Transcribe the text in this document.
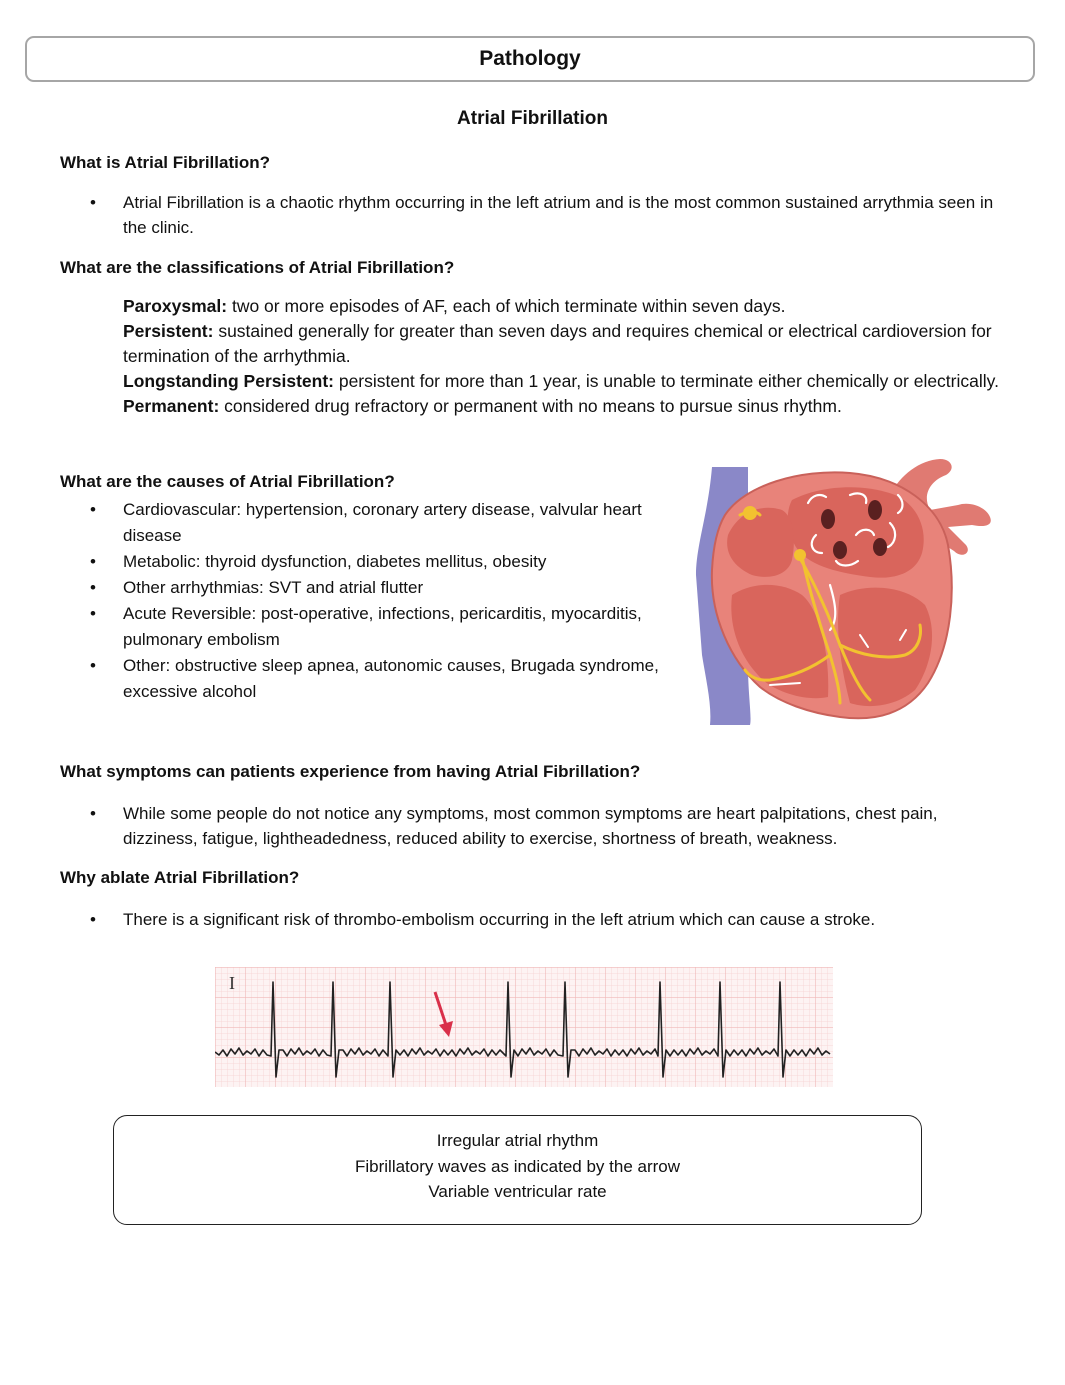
Pathology
Atrial Fibrillation
What is Atrial Fibrillation?
• Atrial Fibrillation is a chaotic rhythm occurring in the left atrium and is the most common sustained arrythmia seen in the clinic.
What are the classifications of Atrial Fibrillation?

Paroxysmal: two or more episodes of AF, each of which terminate within seven days.

Persistent: sustained generally for greater than seven days and requires chemical or electrical cardioversion for termination of the arrhythmia.

Longstanding Persistent: persistent for more than 1 year, is unable to terminate either chemically or electrically.

Permanent: considered drug refractory or permanent with no means to pursue sinus rhythm.

What are the causes of Atrial Fibrillation?
• Cardiovascular: hypertension, coronary artery disease, valvular heart disease
• Metabolic: thyroid dysfunction, diabetes mellitus, obesity
• Other arrhythmias: SVT and atrial flutter
• Acute Reversible: post-operative, infections, pericarditis, myocarditis, pulmonary embolism
• Other: obstructive sleep apnea, autonomic causes, Brugada syndrome, excessive alcohol
What symptoms can patients experience from having Atrial Fibrillation?
• While some people do not notice any symptoms, most common symptoms are heart palpitations, chest pain, dizziness, fatigue, lightheadedness, reduced ability to exercise, shortness of breath, weakness.
Why ablate Atrial Fibrillation?
• There is a significant risk of thrombo-embolism occurring in the left atrium which can cause a stroke.
I
Irregular atrial rhythm
Fibrillatory waves as indicated by the arrow
Variable ventricular rate
